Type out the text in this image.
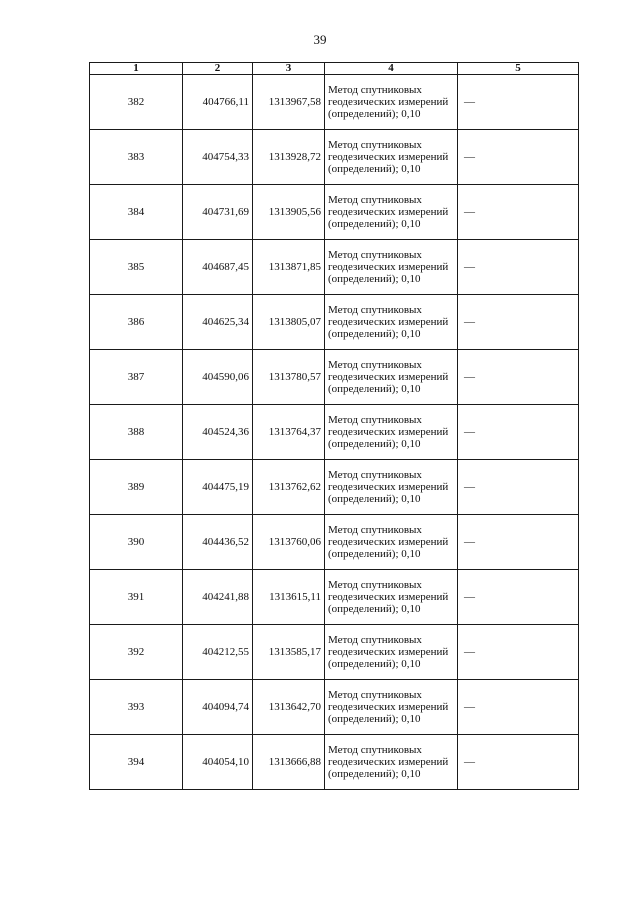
39
1	2	3	4	5
382	404766,11	1313967,58	Метод спутниковых геодезических измерений (определений); 0,10	—
383	404754,33	1313928,72	Метод спутниковых геодезических измерений (определений); 0,10	—
384	404731,69	1313905,56	Метод спутниковых геодезических измерений (определений); 0,10	—
385	404687,45	1313871,85	Метод спутниковых геодезических измерений (определений); 0,10	—
386	404625,34	1313805,07	Метод спутниковых геодезических измерений (определений); 0,10	—
387	404590,06	1313780,57	Метод спутниковых геодезических измерений (определений); 0,10	—
388	404524,36	1313764,37	Метод спутниковых геодезических измерений (определений); 0,10	—
389	404475,19	1313762,62	Метод спутниковых геодезических измерений (определений); 0,10	—
390	404436,52	1313760,06	Метод спутниковых геодезических измерений (определений); 0,10	—
391	404241,88	1313615,11	Метод спутниковых геодезических измерений (определений); 0,10	—
392	404212,55	1313585,17	Метод спутниковых геодезических измерений (определений); 0,10	—
393	404094,74	1313642,70	Метод спутниковых геодезических измерений (определений); 0,10	—
394	404054,10	1313666,88	Метод спутниковых геодезических измерений (определений); 0,10	—
